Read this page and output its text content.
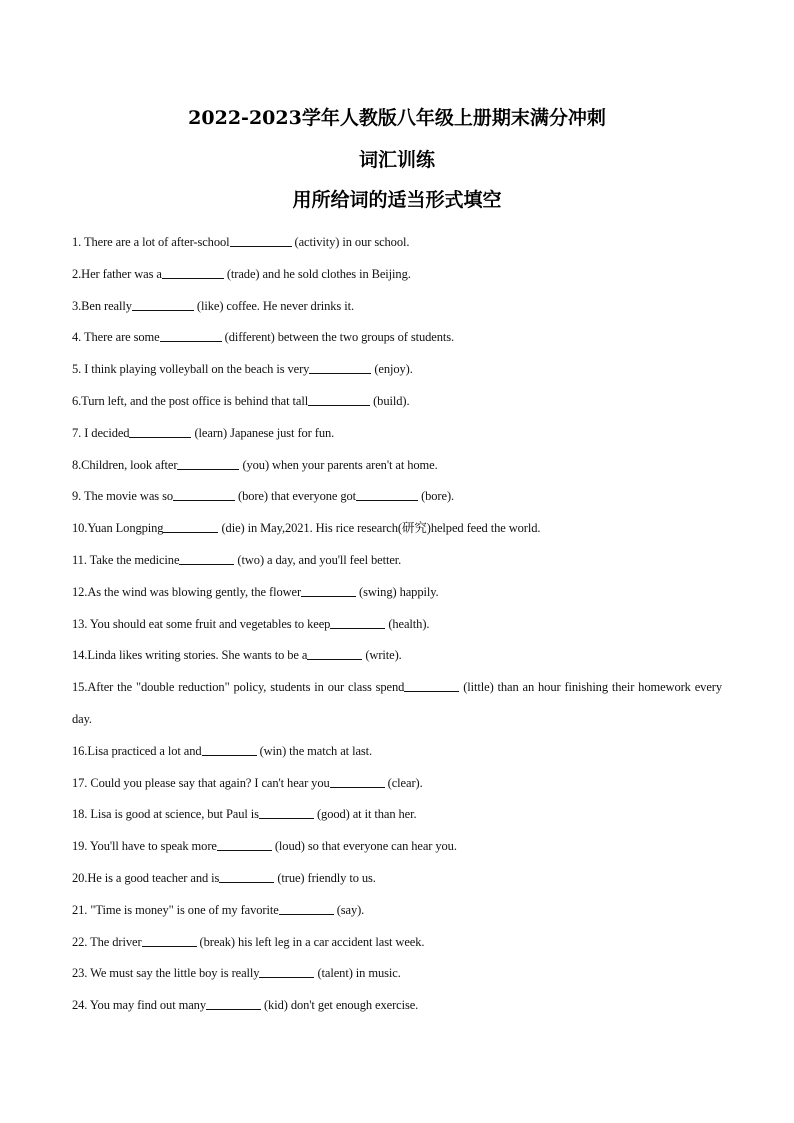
2022-2023学年人教版八年级上册期末满分冲刺
词汇训练
用所给词的适当形式填空
1. There are a lot of after-school	(activity) in our school.
2.Her father was a	(trade) and he sold clothes in Beijing.
3.Ben really	(like) coffee. He never drinks it.
4. There are some	(different) between the two groups of students.
5. I think playing volleyball on the beach is very	(enjoy).
6.Turn left, and the post office is behind that tall	(build).
7. I decided	(learn) Japanese just for fun.
8.Children, look after	(you) when your parents aren't at home.
9. The movie was so	(bore) that everyone got	(bore).
10.Yuan Longping	(die) in May,2021. His rice research(研究)helped feed the world.
11. Take the medicine	(two) a day, and you'll feel better.
12.As the wind was blowing gently, the flower	(swing) happily.
13. You should eat some fruit and vegetables to keep	(health).
14.Linda likes writing stories. She wants to be a	(write).
15.After the "double reduction" policy, students in our class spend	(little) than an hour finishing their homework every day.
16.Lisa practiced a lot and	(win) the match at last.
17. Could you please say that again? I can't hear you	(clear).
18. Lisa is good at science, but Paul is	(good) at it than her.
19. You'll have to speak more	(loud) so that everyone can hear you.
20.He is a good teacher and is	(true) friendly to us.
21. "Time is money" is one of my favorite	(say).
22. The driver	(break) his left leg in a car accident last week.
23. We must say the little boy is really	(talent) in music.
24. You may find out many	(kid) don't get enough exercise.
